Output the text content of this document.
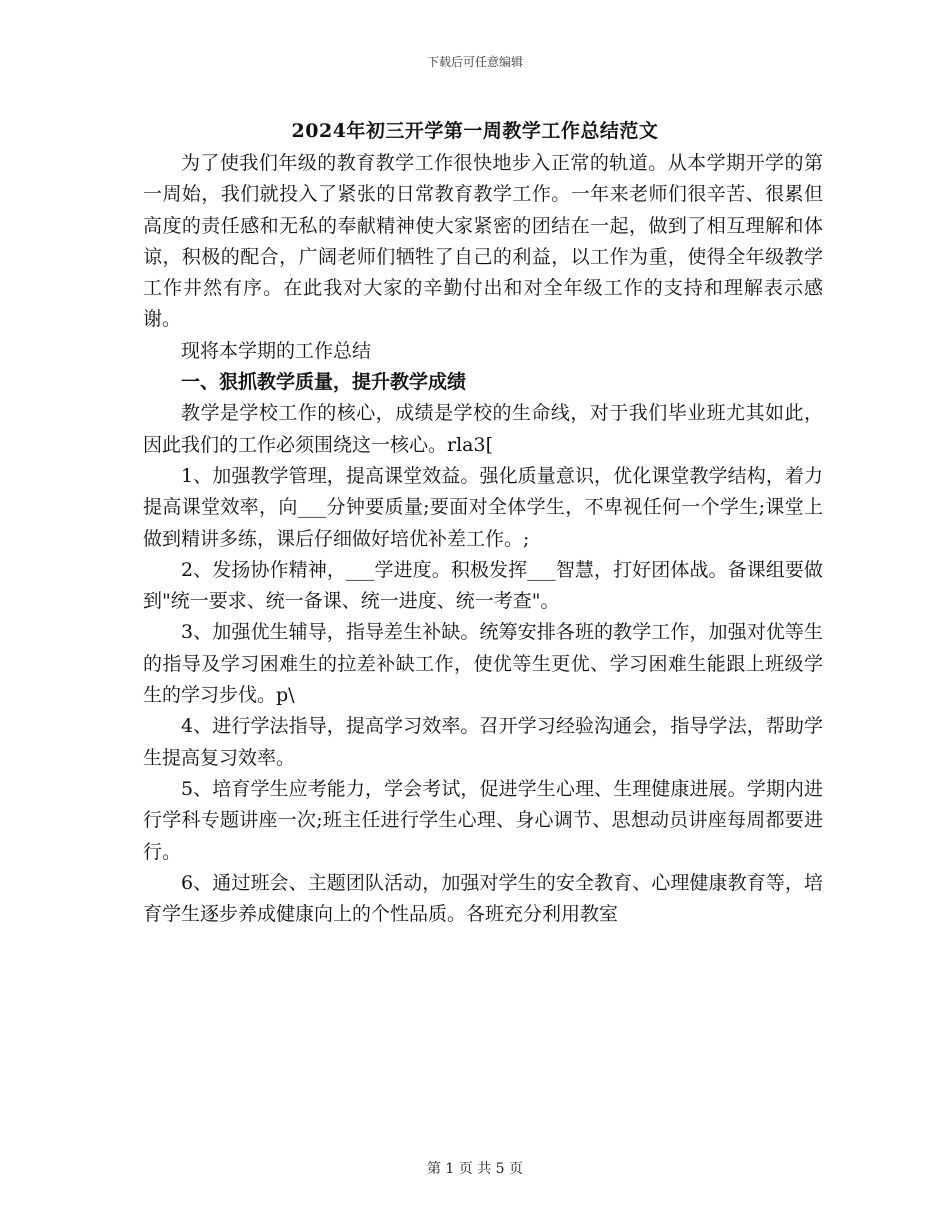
下载后可任意编辑
2024年初三开学第一周教学工作总结范文

为了使我们年级的教育教学工作很快地步入正常的轨道。从本学期开学的第一周始，我们就投入了紧张的日常教育教学工作。一年来老师们很辛苦、很累但高度的责任感和无私的奉献精神使大家紧密的团结在一起，做到了相互理解和体谅，积极的配合，广阔老师们牺牲了自己的利益，以工作为重，使得全年级教学工作井然有序。在此我对大家的辛勤付出和对全年级工作的支持和理解表示感谢。

现将本学期的工作总结

一、狠抓教学质量，提升教学成绩

教学是学校工作的核心，成绩是学校的生命线，对于我们毕业班尤其如此，因此我们的工作必须围绕这一核心。rla3[

1、加强教学管理，提高课堂效益。强化质量意识，优化课堂教学结构，着力提高课堂效率，向___分钟要质量;要面对全体学生，不卑视任何一个学生;课堂上做到精讲多练，课后仔细做好培优补差工作。;

2、发扬协作精神，___学进度。积极发挥___智慧，打好团体战。备课组要做到"统一要求、统一备课、统一进度、统一考查"。

3、加强优生辅导，指导差生补缺。统筹安排各班的教学工作，加强对优等生的指导及学习困难生的拉差补缺工作，使优等生更优、学习困难生能跟上班级学生的学习步伐。p\

4、进行学法指导，提高学习效率。召开学习经验沟通会，指导学法，帮助学生提高复习效率。

5、培育学生应考能力，学会考试，促进学生心理、生理健康进展。学期内进行学科专题讲座一次;班主任进行学生心理、身心调节、思想动员讲座每周都要进行。

6、通过班会、主题团队活动，加强对学生的安全教育、心理健康教育等，培育学生逐步养成健康向上的个性品质。各班充分利用教室

第 1 页 共 5 页
